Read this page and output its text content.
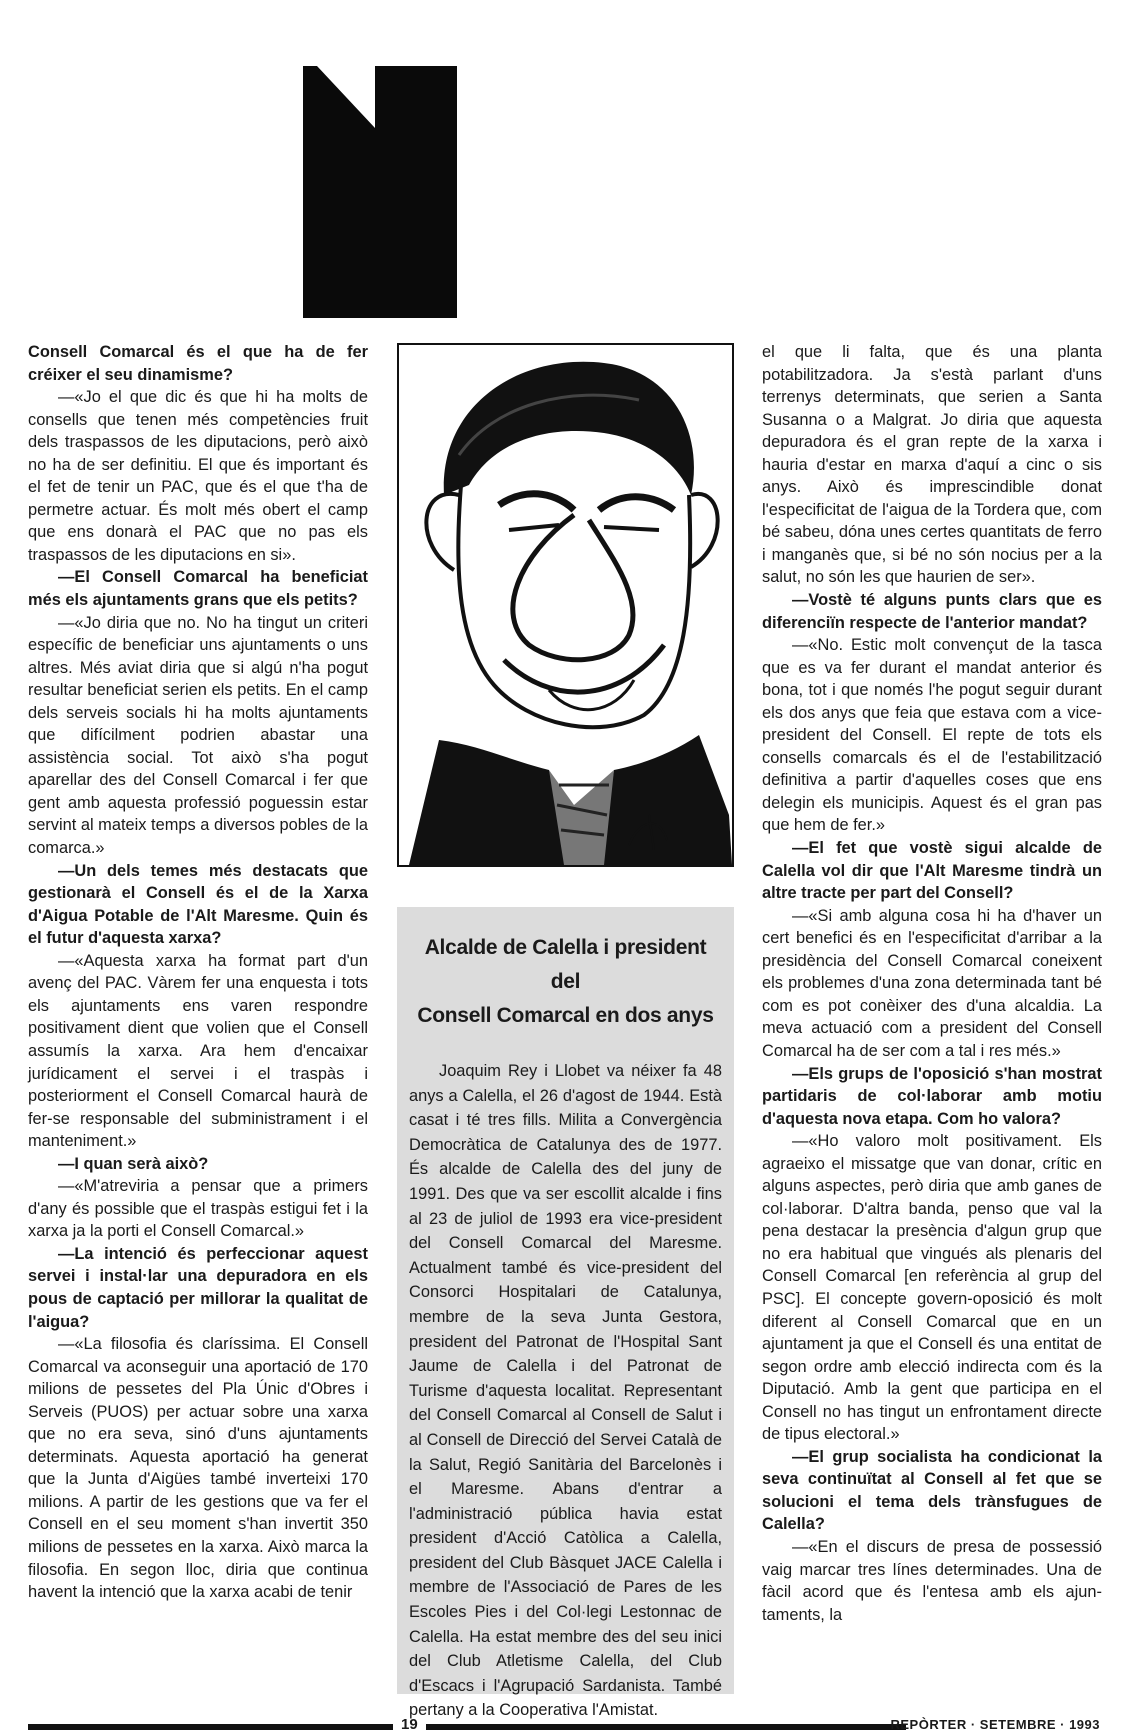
Consell Comarcal és el que ha de fer créixer el seu dinamisme?

—«Jo el que dic és que hi ha molts de consells que tenen més competències fruit dels traspassos de les diputacions, però això no ha de ser definitiu. El que és important és el fet de tenir un PAC, que és el que t'ha de permetre actuar. És molt més obert el camp que ens donarà el PAC que no pas els traspassos de les diputacions en si».

—El Consell Comarcal ha beneficiat més els ajuntaments grans que els petits?

—«Jo diria que no. No ha tingut un criteri específic de beneficiar uns ajuntaments o uns altres. Més aviat diria que si algú n'ha pogut resultar beneficiat serien els petits. En el camp dels serveis socials hi ha molts ajuntaments que difícilment podrien abastar una assistència social. Tot això s'ha pogut aparellar des del Consell Comarcal i fer que gent amb aquesta professió poguessin estar servint al mateix temps a diversos pobles de la comarca.»

—Un dels temes més destacats que gestionarà el Consell és el de la Xarxa d'Aigua Potable de l'Alt Maresme. Quin és el futur d'aquesta xarxa?

—«Aquesta xarxa ha format part d'un avenç del PAC. Vàrem fer una enquesta i tots els ajuntaments ens varen respondre positivament dient que volien que el Consell assumís la xarxa. Ara hem d'encaixar jurídicament el servei i el traspàs i posteriorment el Consell Comarcal haurà de fer-se responsable del subministrament i el manteniment.»

—I quan serà això?

—«M'atreviria a pensar que a primers d'any és possible que el traspàs estigui fet i la xarxa ja la porti el Consell Comarcal.»

—La intenció és perfeccionar aquest servei i instal·lar una depuradora en els pous de captació per millorar la qualitat de l'aigua?

—«La filosofia és claríssima. El Consell Comarcal va aconseguir una aportació de 170 milions de pessetes del Pla Únic d'Obres i Serveis (PUOS) per actuar sobre una xarxa que no era seva, sinó d'uns ajuntaments determinats. Aquesta aportació ha generat que la Junta d'Aigües també inverteixi 170 milions. A partir de les gestions que va fer el Consell en el seu moment s'han invertit 350 milions de pessetes en la xarxa. Això marca la filosofia. En segon lloc, diria que continua havent la intenció que la xarxa acabi de tenir

Alcalde de Calella i president del
Consell Comarcal en dos anys

Joaquim Rey i Llobet va néixer fa 48 anys a Calella, el 26 d'agost de 1944. Està casat i té tres fills. Milita a Convergència Democràtica de Catalunya des de 1977. És alcalde de Calella des del juny de 1991. Des que va ser escollit alcalde i fins al 23 de juliol de 1993 era vice-president del Consell Comarcal del Maresme. Actualment també és vice-president del Consorci Hospitalari de Catalunya, membre de la seva Junta Gestora, president del Patronat de l'Hospital Sant Jaume de Calella i del Patronat de Turisme d'aquesta localitat. Representant del Consell Comarcal al Consell de Salut i al Consell de Direcció del Servei Català de la Salut, Regió Sanitària del Barcelonès i el Maresme. Abans d'entrar a l'administració pública havia estat president d'Acció Catòlica a Calella, president del Club Bàsquet JACE Calella i membre de l'Associació de Pares de les Escoles Pies i del Col·legi Lestonnac de Calella. Ha estat membre des del seu inici del Club Atletisme Calella, del Club d'Escacs i l'Agrupació Sardanista. També pertany a la Cooperativa l'Amistat.

el que li falta, que és una planta potabilitzadora. Ja s'està parlant d'uns terrenys determinats, que serien a Santa Susanna o a Malgrat. Jo diria que aquesta depuradora és el gran repte de la xarxa i hauria d'estar en marxa d'aquí a cinc o sis anys. Això és imprescindible donat l'especificitat de l'aigua de la Tordera que, com bé sabeu, dóna unes certes quantitats de ferro i manganès que, si bé no són nocius per a la salut, no són les que haurien de ser».

—Vostè té alguns punts clars que es diferenciïn respecte de l'anterior mandat?

—«No. Estic molt convençut de la tasca que es va fer durant el mandat anterior és bona, tot i que només l'he pogut seguir durant els dos anys que feia que estava com a vice-president del Consell. El repte de tots els consells comarcals és el de l'estabilització definitiva a partir d'aquelles coses que ens delegin els municipis. Aquest és el gran pas que hem de fer.»

—El fet que vostè sigui alcalde de Calella vol dir que l'Alt Maresme tindrà un altre tracte per part del Consell?

—«Si amb alguna cosa hi ha d'haver un cert benefici és en l'especificitat d'arribar a la presidència del Consell Comarcal coneixent els problemes d'una zona determinada tant bé com es pot conèixer des d'una alcaldia. La meva actuació com a president del Consell Comarcal ha de ser com a tal i res més.»

—Els grups de l'oposició s'han mostrat partidaris de col·laborar amb motiu d'aquesta nova etapa. Com ho valora?

—«Ho valoro molt positivament. Els agraeixo el missatge que van donar, crític en alguns aspectes, però diria que amb ganes de col·laborar. D'altra banda, penso que val la pena destacar la presència d'algun grup que no era habitual que vingués als plenaris del Consell Comarcal [en referència al grup del PSC]. El concepte govern-oposició és molt diferent al Consell Comarcal que en un ajuntament ja que el Consell és una entitat de segon ordre amb elecció indirecta com és la Diputació. Amb la gent que participa en el Consell no has tingut un enfrontament directe de tipus electoral.»

—El grup socialista ha condicionat la seva continuïtat al Consell al fet que se solucioni el tema dels trànsfugues de Calella?

—«En el discurs de presa de possessió vaig marcar tres línes determinades. Una de fàcil acord que és l'entesa amb els ajun-taments, la

19	REPÒRTER · SETEMBRE · 1993
